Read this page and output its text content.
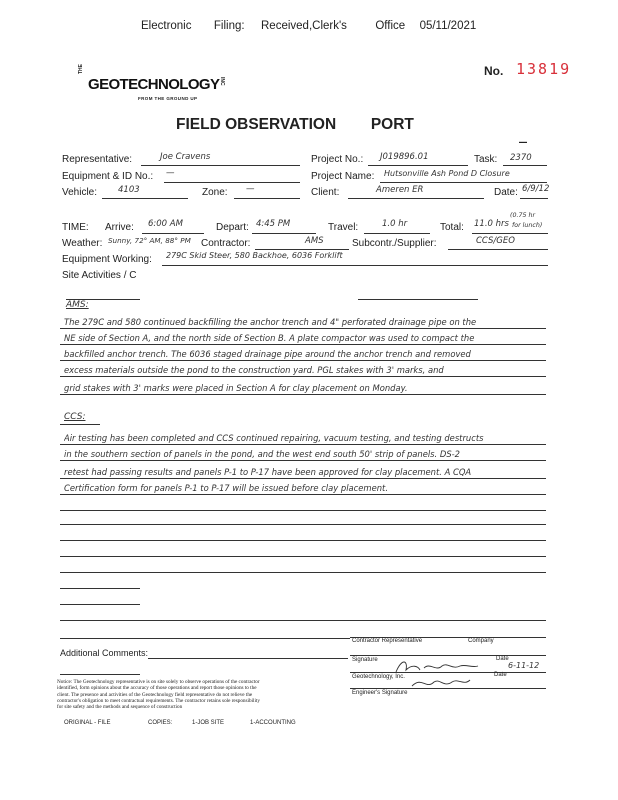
Electronic Filing: Received,Clerk's Office 05/11/2021
THE
GEOTECHNOLOGY INC
FROM THE GROUND UP
No. 13819
FIELD OBSERVATION PORT
▬▬
Representative:	Joe Cravens	Project No.: J019896.01	Task: 2370
Equipment & ID No.: —	Project Name: Hutsonville Ash Pond D Closure
Vehicle: 4103	Zone: —	Client:	Ameren ER	Date: 6/9/12
TIME: Arrive: 6:00 AM	Depart: 4:45 PM	Travel:	1.0 hr	Total: 11.0 hrs
(0.75 hr
for lunch)
Weather: Sunny, 72° AM, 88° PM Contractor:	AMS	Subcontr./Supplier:	CCS/GEO
Equipment Working: 279C Skid Steer, 580 Backhoe, 6036 Forklift
Site Activities / C
AMS:
The 279C and 580 continued backfilling the anchor trench and 4" perforated drainage pipe on the
NE side of Section A, and the north side of Section B. A plate compactor was used to compact the
backfilled anchor trench. The 6036 staged drainage pipe around the anchor trench and removed
excess materials outside the pond to the construction yard. PGL stakes with 3' marks, and
grid stakes with 3' marks were placed in Section A for clay placement on Monday.
CCS:
Air testing has been completed and CCS continued repairing, vacuum testing, and testing destructs
in the southern section of panels in the pond, and the west end south 50' strip of panels. DS-2
retest had passing results and panels P-1 to P-17 have been approved for clay placement. A CQA
Certification form for panels P-1 to P-17 will be issued before clay placement.
Contractor Representative	Company
Signature	Date
6-11-12
Geotechnology, Inc.	Date
Engineer's Signature
Additional Comments:
Notice: The Geotechnology representative is on site solely to observe operations of the contractor
identified, form opinions about the accuracy of those operations and report those opinions to the
client. The presence and activities of the Geotechnology field representative do not relieve the
contractor's obligation to meet contractual requirements. The contractor retains sole responsibility
for site safety and the methods and sequence of construction
ORIGINAL - FILE	COPIES:	1-JOB SITE	1-ACCOUNTING
